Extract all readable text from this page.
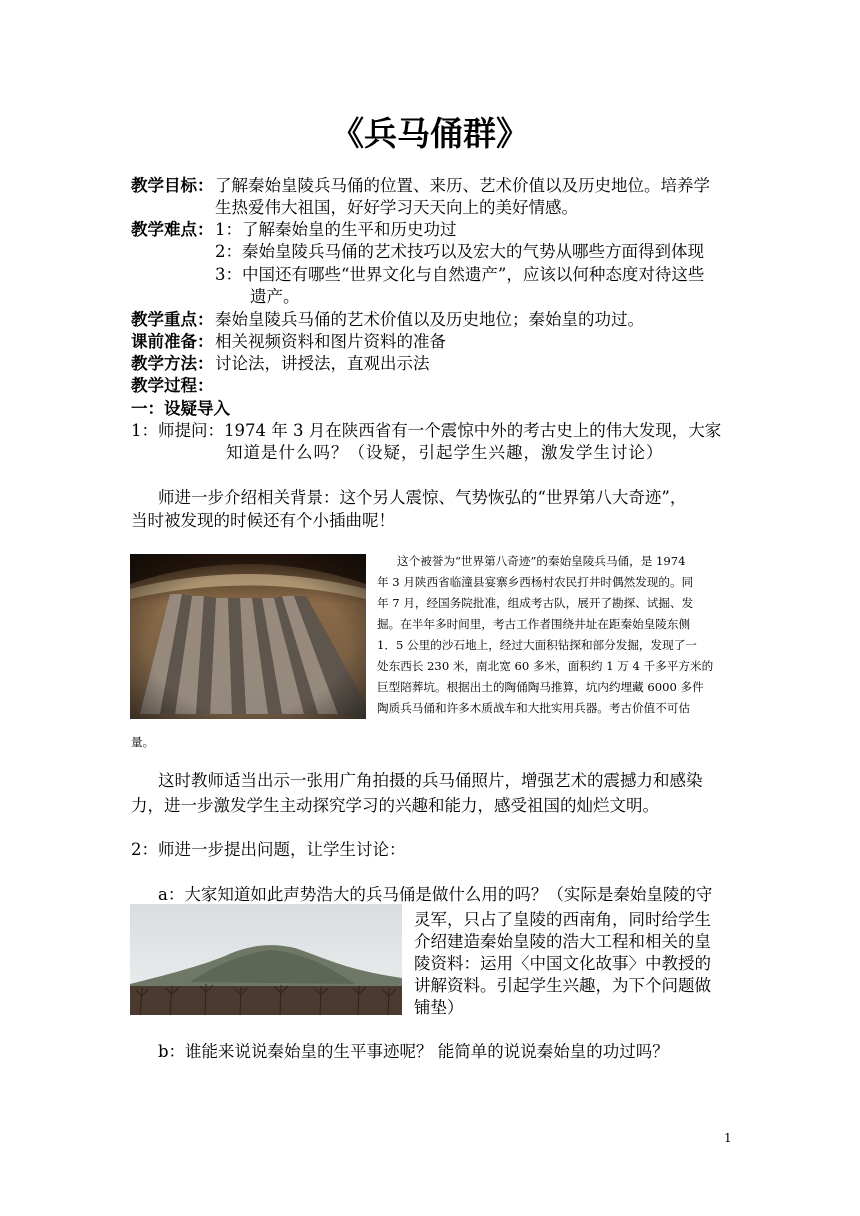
《兵马俑群》
教学目标： 了解秦始皇陵兵马俑的位置、来历、艺术价值以及历史地位。培养学
生热爱伟大祖国，好好学习天天向上的美好情感。
教学难点： 1：了解秦始皇的生平和历史功过
2：秦始皇陵兵马俑的艺术技巧以及宏大的气势从哪些方面得到体现
3：中国还有哪些“世界文化与自然遗产”，应该以何种态度对待这些
遗产。
教学重点： 秦始皇陵兵马俑的艺术价值以及历史地位；秦始皇的功过。
课前准备： 相关视频资料和图片资料的准备
教学方法： 讨论法，讲授法，直观出示法
教学过程：
一：设疑导入
1：师提问：1974 年 3 月在陕西省有一个震惊中外的考古史上的伟大发现，大家
知道是什么吗？（设疑，引起学生兴趣，激发学生讨论）
师进一步介绍相关背景：这个另人震惊、气势恢弘的“世界第八大奇迹”，
当时被发现的时候还有个小插曲呢！
这个被誉为“世界第八奇迹”的秦始皇陵兵马俑，是 1974
年 3 月陕西省临潼县宴寨乡西杨村农民打井时偶然发现的。同
年 7 月，经国务院批准，组成考古队，展开了勘探、试掘、发
掘。在半年多时间里，考古工作者围绕井址在距秦始皇陵东侧
1．5 公里的沙石地上，经过大面积钻探和部分发掘，发现了一
处东西长 230 米，南北宽 60 多米，面积约 1 万 4 千多平方米的
巨型陪葬坑。根据出土的陶俑陶马推算，坑内约埋藏 6000 多件
陶质兵马俑和许多木质战车和大批实用兵器。考古价值不可估
量。
这时教师适当出示一张用广角拍摄的兵马俑照片，增强艺术的震撼力和感染
力，进一步激发学生主动探究学习的兴趣和能力，感受祖国的灿烂文明。
2：师进一步提出问题，让学生讨论：
a：大家知道如此声势浩大的兵马俑是做什么用的吗？（实际是秦始皇陵的守
灵军，只占了皇陵的西南角，同时给学生
介绍建造秦始皇陵的浩大工程和相关的皇
陵资料：运用〈中国文化故事〉中教授的
讲解资料。引起学生兴趣，为下个问题做
铺垫）
b：谁能来说说秦始皇的生平事迹呢？ 能简单的说说秦始皇的功过吗？
1
